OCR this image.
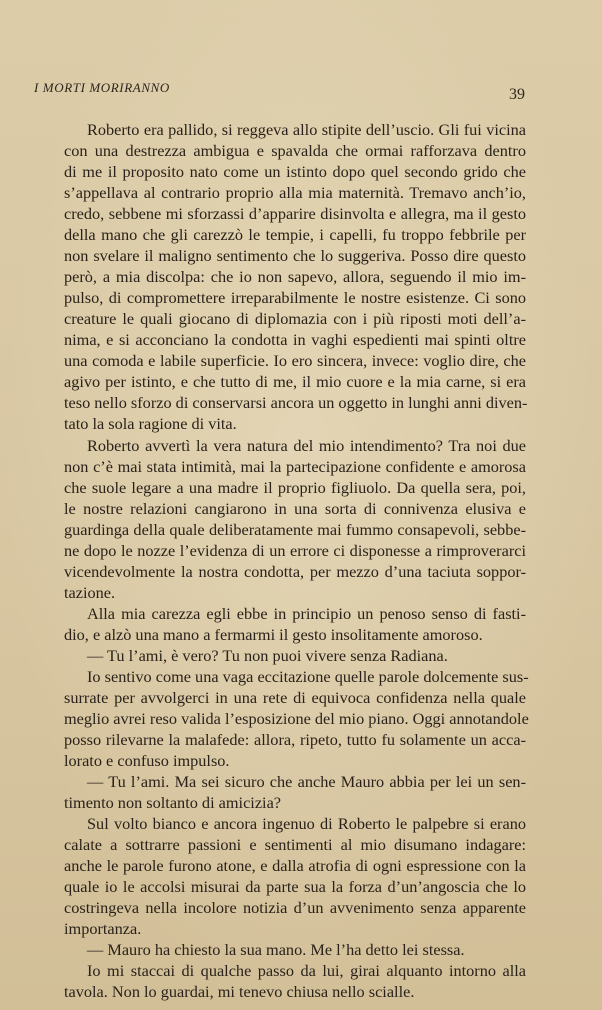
I MORTI MORIRANNO	39
Roberto era pallido, si reggeva allo stipite dell’uscio. Gli fui vicina
con una destrezza ambigua e spavalda che ormai rafforzava dentro
di me il proposito nato come un istinto dopo quel secondo grido che
s’appellava al contrario proprio alla mia maternità. Tremavo anch’io,
credo, sebbene mi sforzassi d’apparire disinvolta e allegra, ma il gesto
della mano che gli carezzò le tempie, i capelli, fu troppo febbrile per
non svelare il maligno sentimento che lo suggeriva. Posso dire questo
però, a mia discolpa: che io non sapevo, allora, seguendo il mio im-
pulso, di compromettere irreparabilmente le nostre esistenze. Ci sono
creature le quali giocano di diplomazia con i più riposti moti dell’a-
nima, e si acconciano la condotta in vaghi espedienti mai spinti oltre
una comoda e labile superficie. Io ero sincera, invece: voglio dire, che
agivo per istinto, e che tutto di me, il mio cuore e la mia carne, si era
teso nello sforzo di conservarsi ancora un oggetto in lunghi anni diven-
tato la sola ragione di vita.
Roberto avvertì la vera natura del mio intendimento? Tra noi due
non c’è mai stata intimità, mai la partecipazione confidente e amorosa
che suole legare a una madre il proprio figliuolo. Da quella sera, poi,
le nostre relazioni cangiarono in una sorta di connivenza elusiva e
guardinga della quale deliberatamente mai fummo consapevoli, sebbe-
ne dopo le nozze l’evidenza di un errore ci disponesse a rimproverarci
vicendevolmente la nostra condotta, per mezzo d’una taciuta soppor-
tazione.
Alla mia carezza egli ebbe in principio un penoso senso di fasti-
dio, e alzò una mano a fermarmi il gesto insolitamente amoroso.
— Tu l’ami, è vero? Tu non puoi vivere senza Radiana.
Io sentivo come una vaga eccitazione quelle parole dolcemente sus-
surrate per avvolgerci in una rete di equivoca confidenza nella quale
meglio avrei reso valida l’esposizione del mio piano. Oggi annotandole
posso rilevarne la malafede: allora, ripeto, tutto fu solamente un acca-
lorato e confuso impulso.
— Tu l’ami. Ma sei sicuro che anche Mauro abbia per lei un sen-
timento non soltanto di amicizia?
Sul volto bianco e ancora ingenuo di Roberto le palpebre si erano
calate a sottrarre passioni e sentimenti al mio disumano indagare:
anche le parole furono atone, e dalla atrofia di ogni espressione con la
quale io le accolsi misurai da parte sua la forza d’un’angoscia che lo
costringeva nella incolore notizia d’un avvenimento senza apparente
importanza.
— Mauro ha chiesto la sua mano. Me l’ha detto lei stessa.
Io mi staccai di qualche passo da lui, girai alquanto intorno alla
tavola. Non lo guardai, mi tenevo chiusa nello scialle.
